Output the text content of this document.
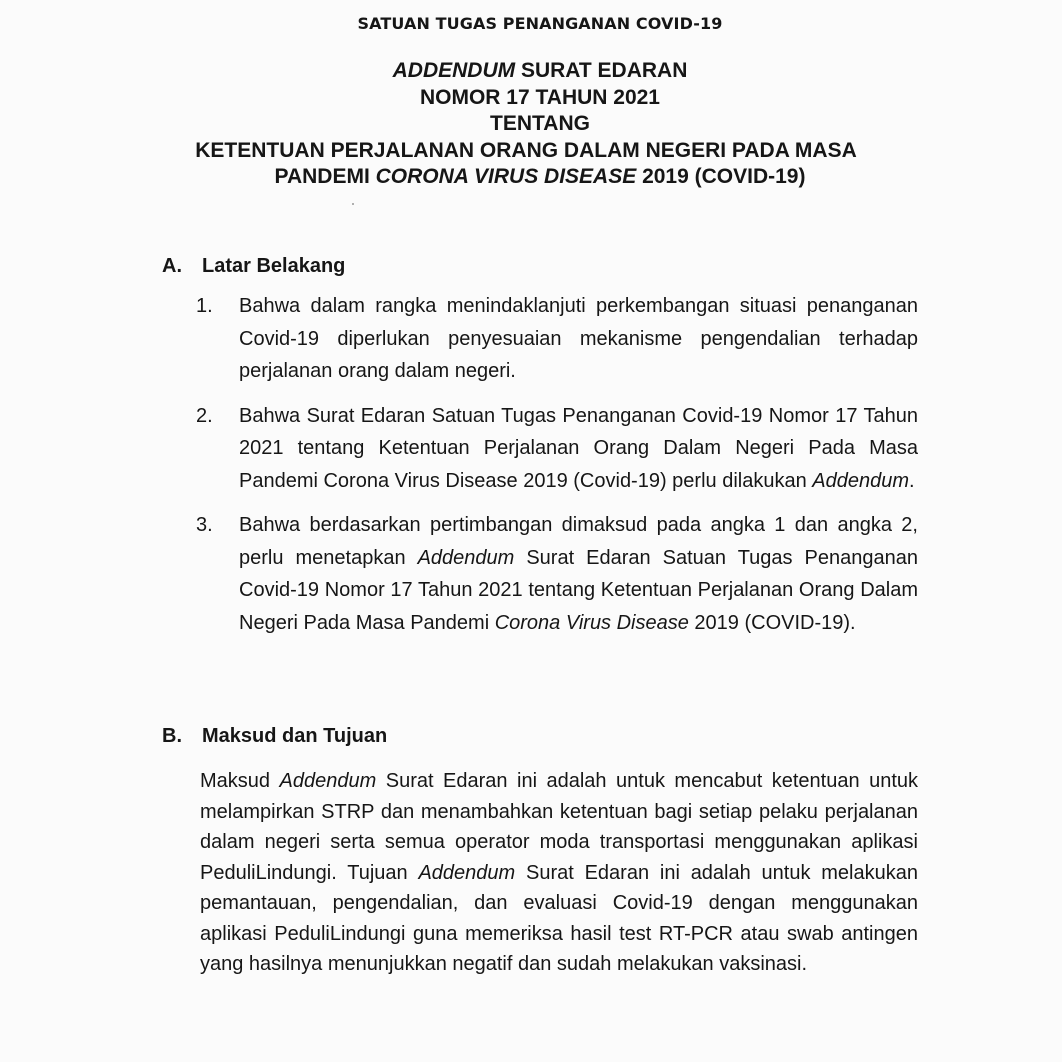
SATUAN TUGAS PENANGANAN COVID-19
ADDENDUM SURAT EDARAN
NOMOR 17 TAHUN 2021
TENTANG
KETENTUAN PERJALANAN ORANG DALAM NEGERI PADA MASA
PANDEMI CORONA VIRUS DISEASE 2019 (COVID-19)
A. Latar Belakang
1. Bahwa dalam rangka menindaklanjuti perkembangan situasi penanganan Covid-19 diperlukan penyesuaian mekanisme pengendalian terhadap perjalanan orang dalam negeri.
2. Bahwa Surat Edaran Satuan Tugas Penanganan Covid-19 Nomor 17 Tahun 2021 tentang Ketentuan Perjalanan Orang Dalam Negeri Pada Masa Pandemi Corona Virus Disease 2019 (Covid-19) perlu dilakukan Addendum.
3. Bahwa berdasarkan pertimbangan dimaksud pada angka 1 dan angka 2, perlu menetapkan Addendum Surat Edaran Satuan Tugas Penanganan Covid-19 Nomor 17 Tahun 2021 tentang Ketentuan Perjalanan Orang Dalam Negeri Pada Masa Pandemi Corona Virus Disease 2019 (COVID-19).
B. Maksud dan Tujuan
Maksud Addendum Surat Edaran ini adalah untuk mencabut ketentuan untuk melampirkan STRP dan menambahkan ketentuan bagi setiap pelaku perjalanan dalam negeri serta semua operator moda transportasi menggunakan aplikasi PeduliLindungi. Tujuan Addendum Surat Edaran ini adalah untuk melakukan pemantauan, pengendalian, dan evaluasi Covid-19 dengan menggunakan aplikasi PeduliLindungi guna memeriksa hasil test RT-PCR atau swab antingen yang hasilnya menunjukkan negatif dan sudah melakukan vaksinasi.
